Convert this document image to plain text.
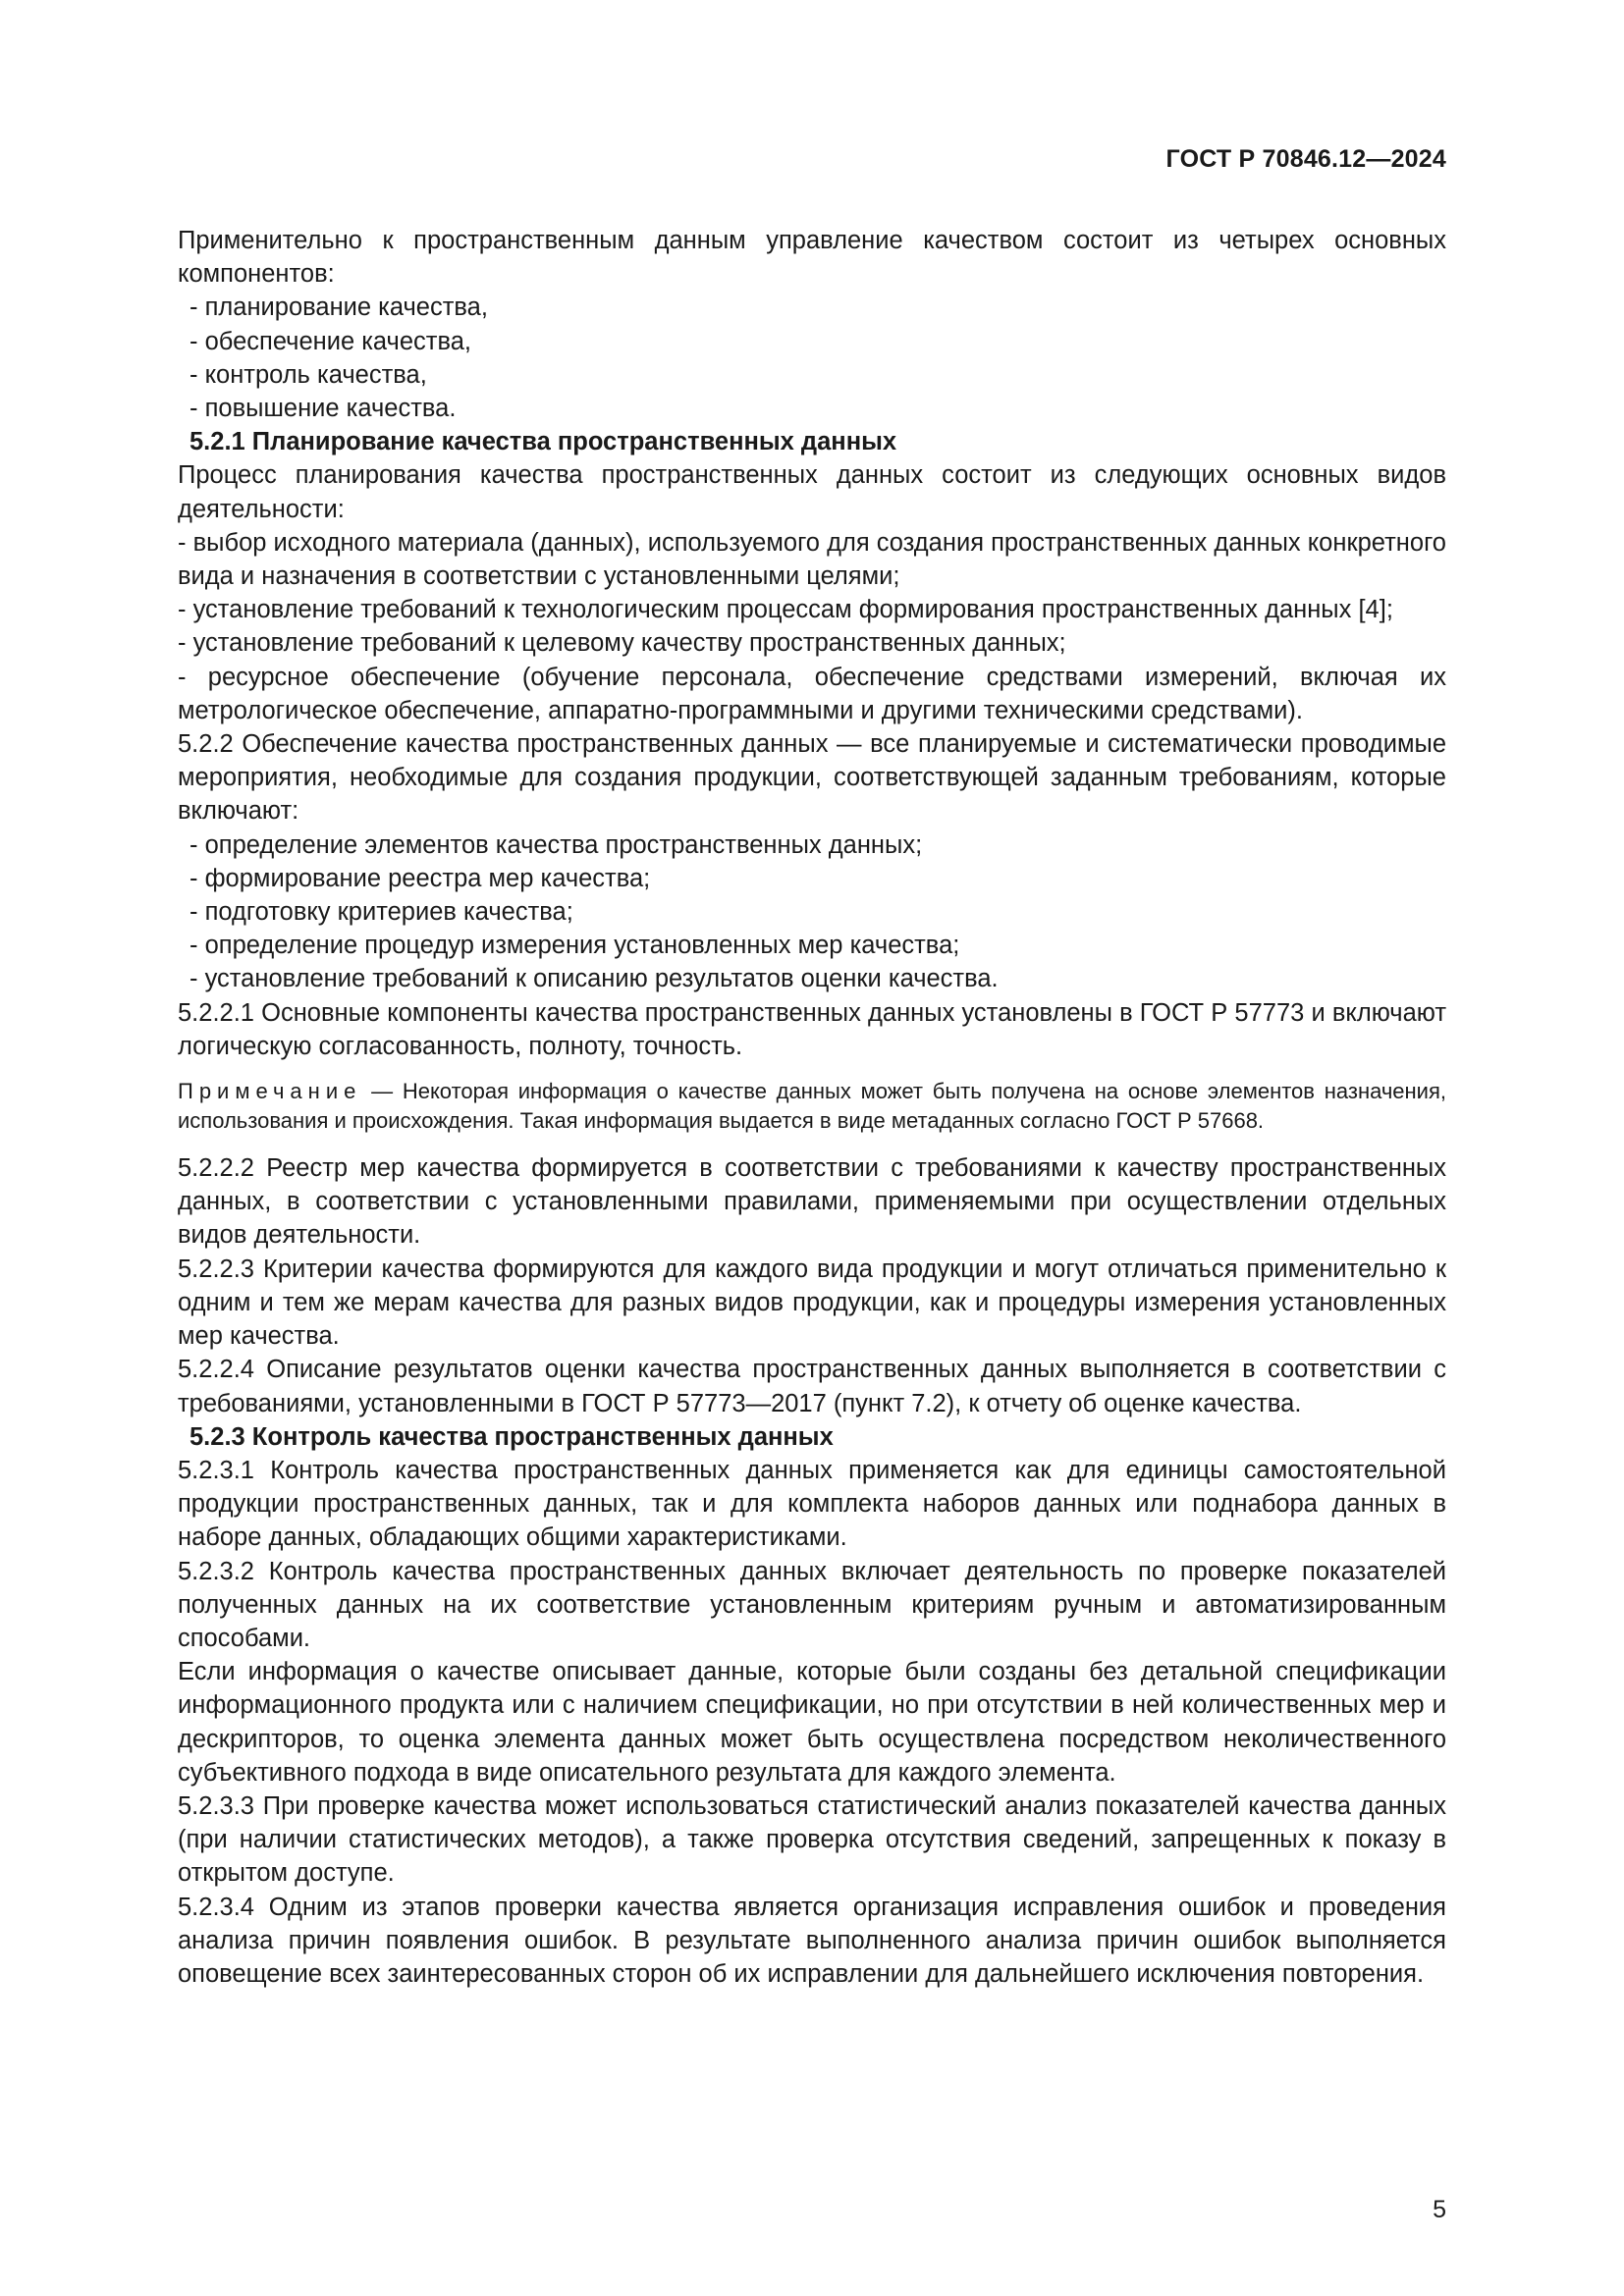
ГОСТ Р 70846.12—2024

Применительно к пространственным данным управление качеством состоит из четырех основных компонентов:

- планирование качества,

- обеспечение качества,

- контроль качества,

- повышение качества.

5.2.1 Планирование качества пространственных данных

Процесс планирования качества пространственных данных состоит из следующих основных видов деятельности:

- выбор исходного материала (данных), используемого для создания пространственных данных конкретного вида и назначения в соответствии с установленными целями;

- установление требований к технологическим процессам формирования пространственных данных [4];

- установление требований к целевому качеству пространственных данных;

- ресурсное обеспечение (обучение персонала, обеспечение средствами измерений, включая их метрологическое обеспечение, аппаратно-программными и другими техническими средствами).

5.2.2 Обеспечение качества пространственных данных — все планируемые и систематически проводимые мероприятия, необходимые для создания продукции, соответствующей заданным требованиям, которые включают:

- определение элементов качества пространственных данных;

- формирование реестра мер качества;

- подготовку критериев качества;

- определение процедур измерения установленных мер качества;

- установление требований к описанию результатов оценки качества.

5.2.2.1 Основные компоненты качества пространственных данных установлены в ГОСТ Р 57773 и включают логическую согласованность, полноту, точность.

Примечание — Некоторая информация о качестве данных может быть получена на основе элементов назначения, использования и происхождения. Такая информация выдается в виде метаданных согласно ГОСТ Р 57668.

5.2.2.2 Реестр мер качества формируется в соответствии с требованиями к качеству пространственных данных, в соответствии с установленными правилами, применяемыми при осуществлении отдельных видов деятельности.

5.2.2.3 Критерии качества формируются для каждого вида продукции и могут отличаться применительно к одним и тем же мерам качества для разных видов продукции, как и процедуры измерения установленных мер качества.

5.2.2.4 Описание результатов оценки качества пространственных данных выполняется в соответствии с требованиями, установленными в ГОСТ Р 57773—2017 (пункт 7.2), к отчету об оценке качества.

5.2.3 Контроль качества пространственных данных

5.2.3.1 Контроль качества пространственных данных применяется как для единицы самостоятельной продукции пространственных данных, так и для комплекта наборов данных или поднабора данных в наборе данных, обладающих общими характеристиками.

5.2.3.2 Контроль качества пространственных данных включает деятельность по проверке показателей полученных данных на их соответствие установленным критериям ручным и автоматизированным способами.

Если информация о качестве описывает данные, которые были созданы без детальной спецификации информационного продукта или с наличием спецификации, но при отсутствии в ней количественных мер и дескрипторов, то оценка элемента данных может быть осуществлена посредством неколичественного субъективного подхода в виде описательного результата для каждого элемента.

5.2.3.3 При проверке качества может использоваться статистический анализ показателей качества данных (при наличии статистических методов), а также проверка отсутствия сведений, запрещенных к показу в открытом доступе.

5.2.3.4 Одним из этапов проверки качества является организация исправления ошибок и проведения анализа причин появления ошибок. В результате выполненного анализа причин ошибок выполняется оповещение всех заинтересованных сторон об их исправлении для дальнейшего исключения повторения.

5
